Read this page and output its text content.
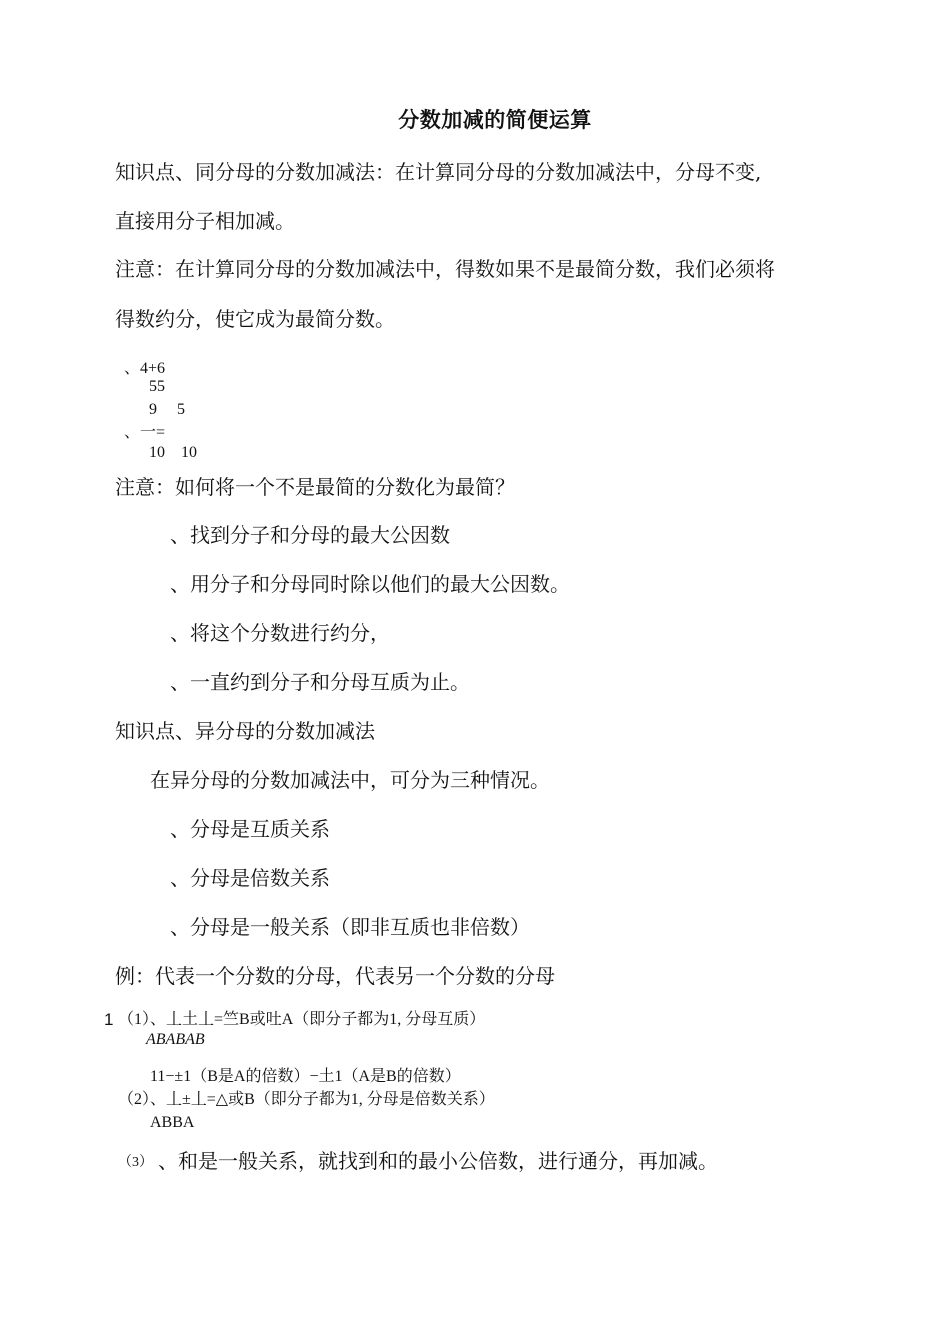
分数加减的简便运算
知识点、同分母的分数加减法：在计算同分母的分数加减法中，分母不变,
直接用分子相加减。
注意：在计算同分母的分数加减法中，得数如果不是最简分数，我们必须将
得数约分，使它成为最简分数。
、4+6
55
9　 5
、一=
10　10
注意：如何将一个不是最简的分数化为最简？
、找到分子和分母的最大公因数
、用分子和分母同时除以他们的最大公因数。
、将这个分数进行约分，
、一直约到分子和分母互质为止。
知识点、异分母的分数加减法
在异分母的分数加减法中，可分为三种情况。
、分母是互质关系
、分母是倍数关系
、分母是一般关系（即非互质也非倍数）
例：代表一个分数的分母，代表另一个分数的分母
1 （1）、丄土丄=竺B或吐A（即分子都为1, 分母互质）
ABABAB
11−±1（B是A的倍数）−土1（A是B的倍数）
（2）、丄±丄=△或B（即分子都为1, 分母是倍数关系）
ABBA
（3） 、和是一般关系，就找到和的最小公倍数，进行通分，再加减。
